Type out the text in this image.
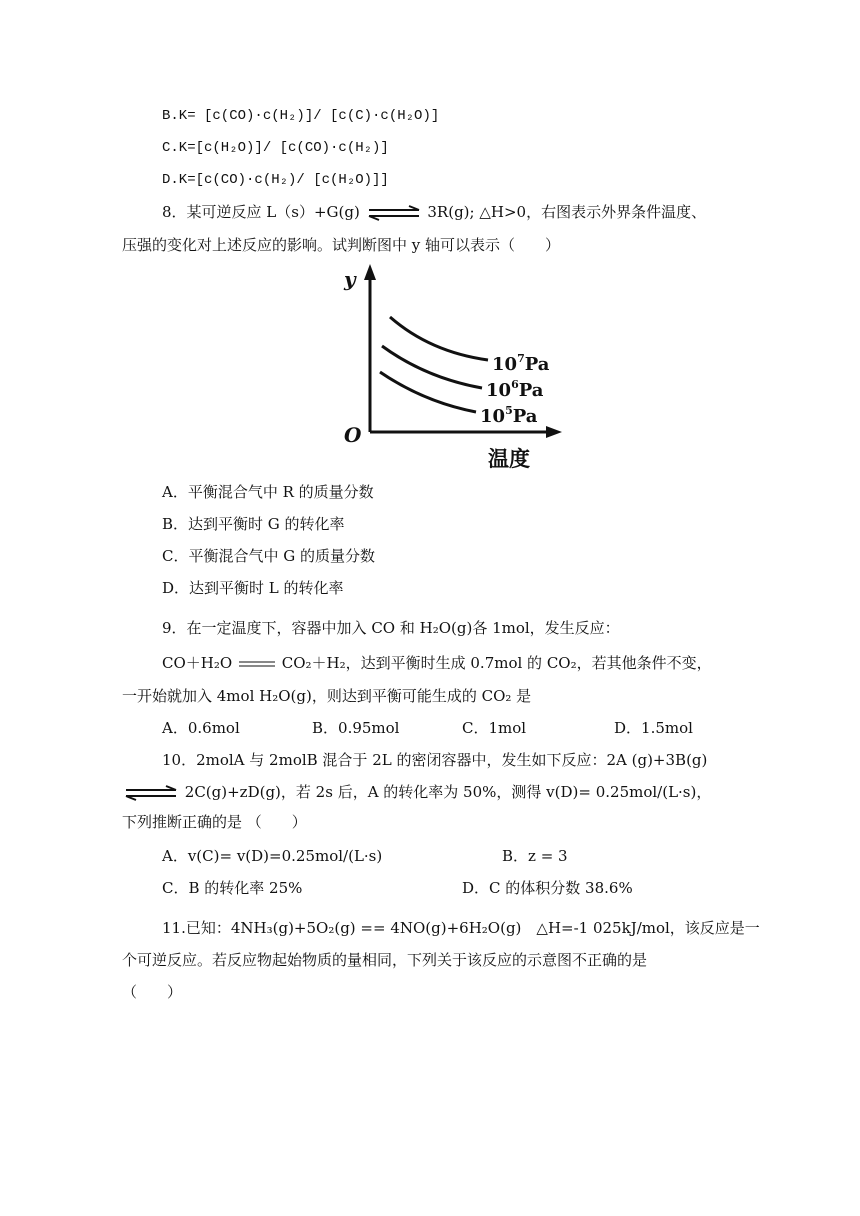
B.K= [c(CO)·c(H₂)]/ [c(C)·c(H₂O)]
C.K=[c(H₂O)]/ [c(CO)·c(H₂)]
D.K=[c(CO)·c(H₂)/ [c(H₂O)]]
8．某可逆反应 L（s）+G(g) ⇌ 3R(g); △H>0，右图表示外界条件温度、
压强的变化对上述反应的影响。试判断图中 y 轴可以表示（　　）
y
O
温度
$10^7Pa$
$10^6Pa$
$10^5Pa$
A．平衡混合气中 R 的质量分数
B．达到平衡时 G 的转化率
C．平衡混合气中 G 的质量分数
D．达到平衡时 L 的转化率
9．在一定温度下，容器中加入 CO 和 H₂O(g)各 1mol，发生反应：
CO＋H₂O	CO₂＋H₂，达到平衡时生成 0.7mol 的 CO₂，若其他条件不变，
一开始就加入 4mol H₂O(g)，则达到平衡可能生成的 CO₂ 是
A．0.6mol	B．0.95mol	C．1mol	D．1.5mol
10．2molA 与 2molB 混合于 2L 的密闭容器中，发生如下反应：2A (g)+3B(g)
⇌ 2C(g)+zD(g)，若 2s 后，A 的转化率为 50%，测得 v(D)= 0.25mol/(L·s)，
下列推断正确的是 （　　）
A．v(C)= v(D)=0.25mol/(L·s)	B．z = 3
C．B 的转化率 25%	D．C 的体积分数 38.6%
11.已知：4NH₃(g)+5O₂(g) == 4NO(g)+6H₂O(g)　△H=-1 025kJ/mol，该反应是一
个可逆反应。若反应物起始物质的量相同，下列关于该反应的示意图不正确的是
（　　）
